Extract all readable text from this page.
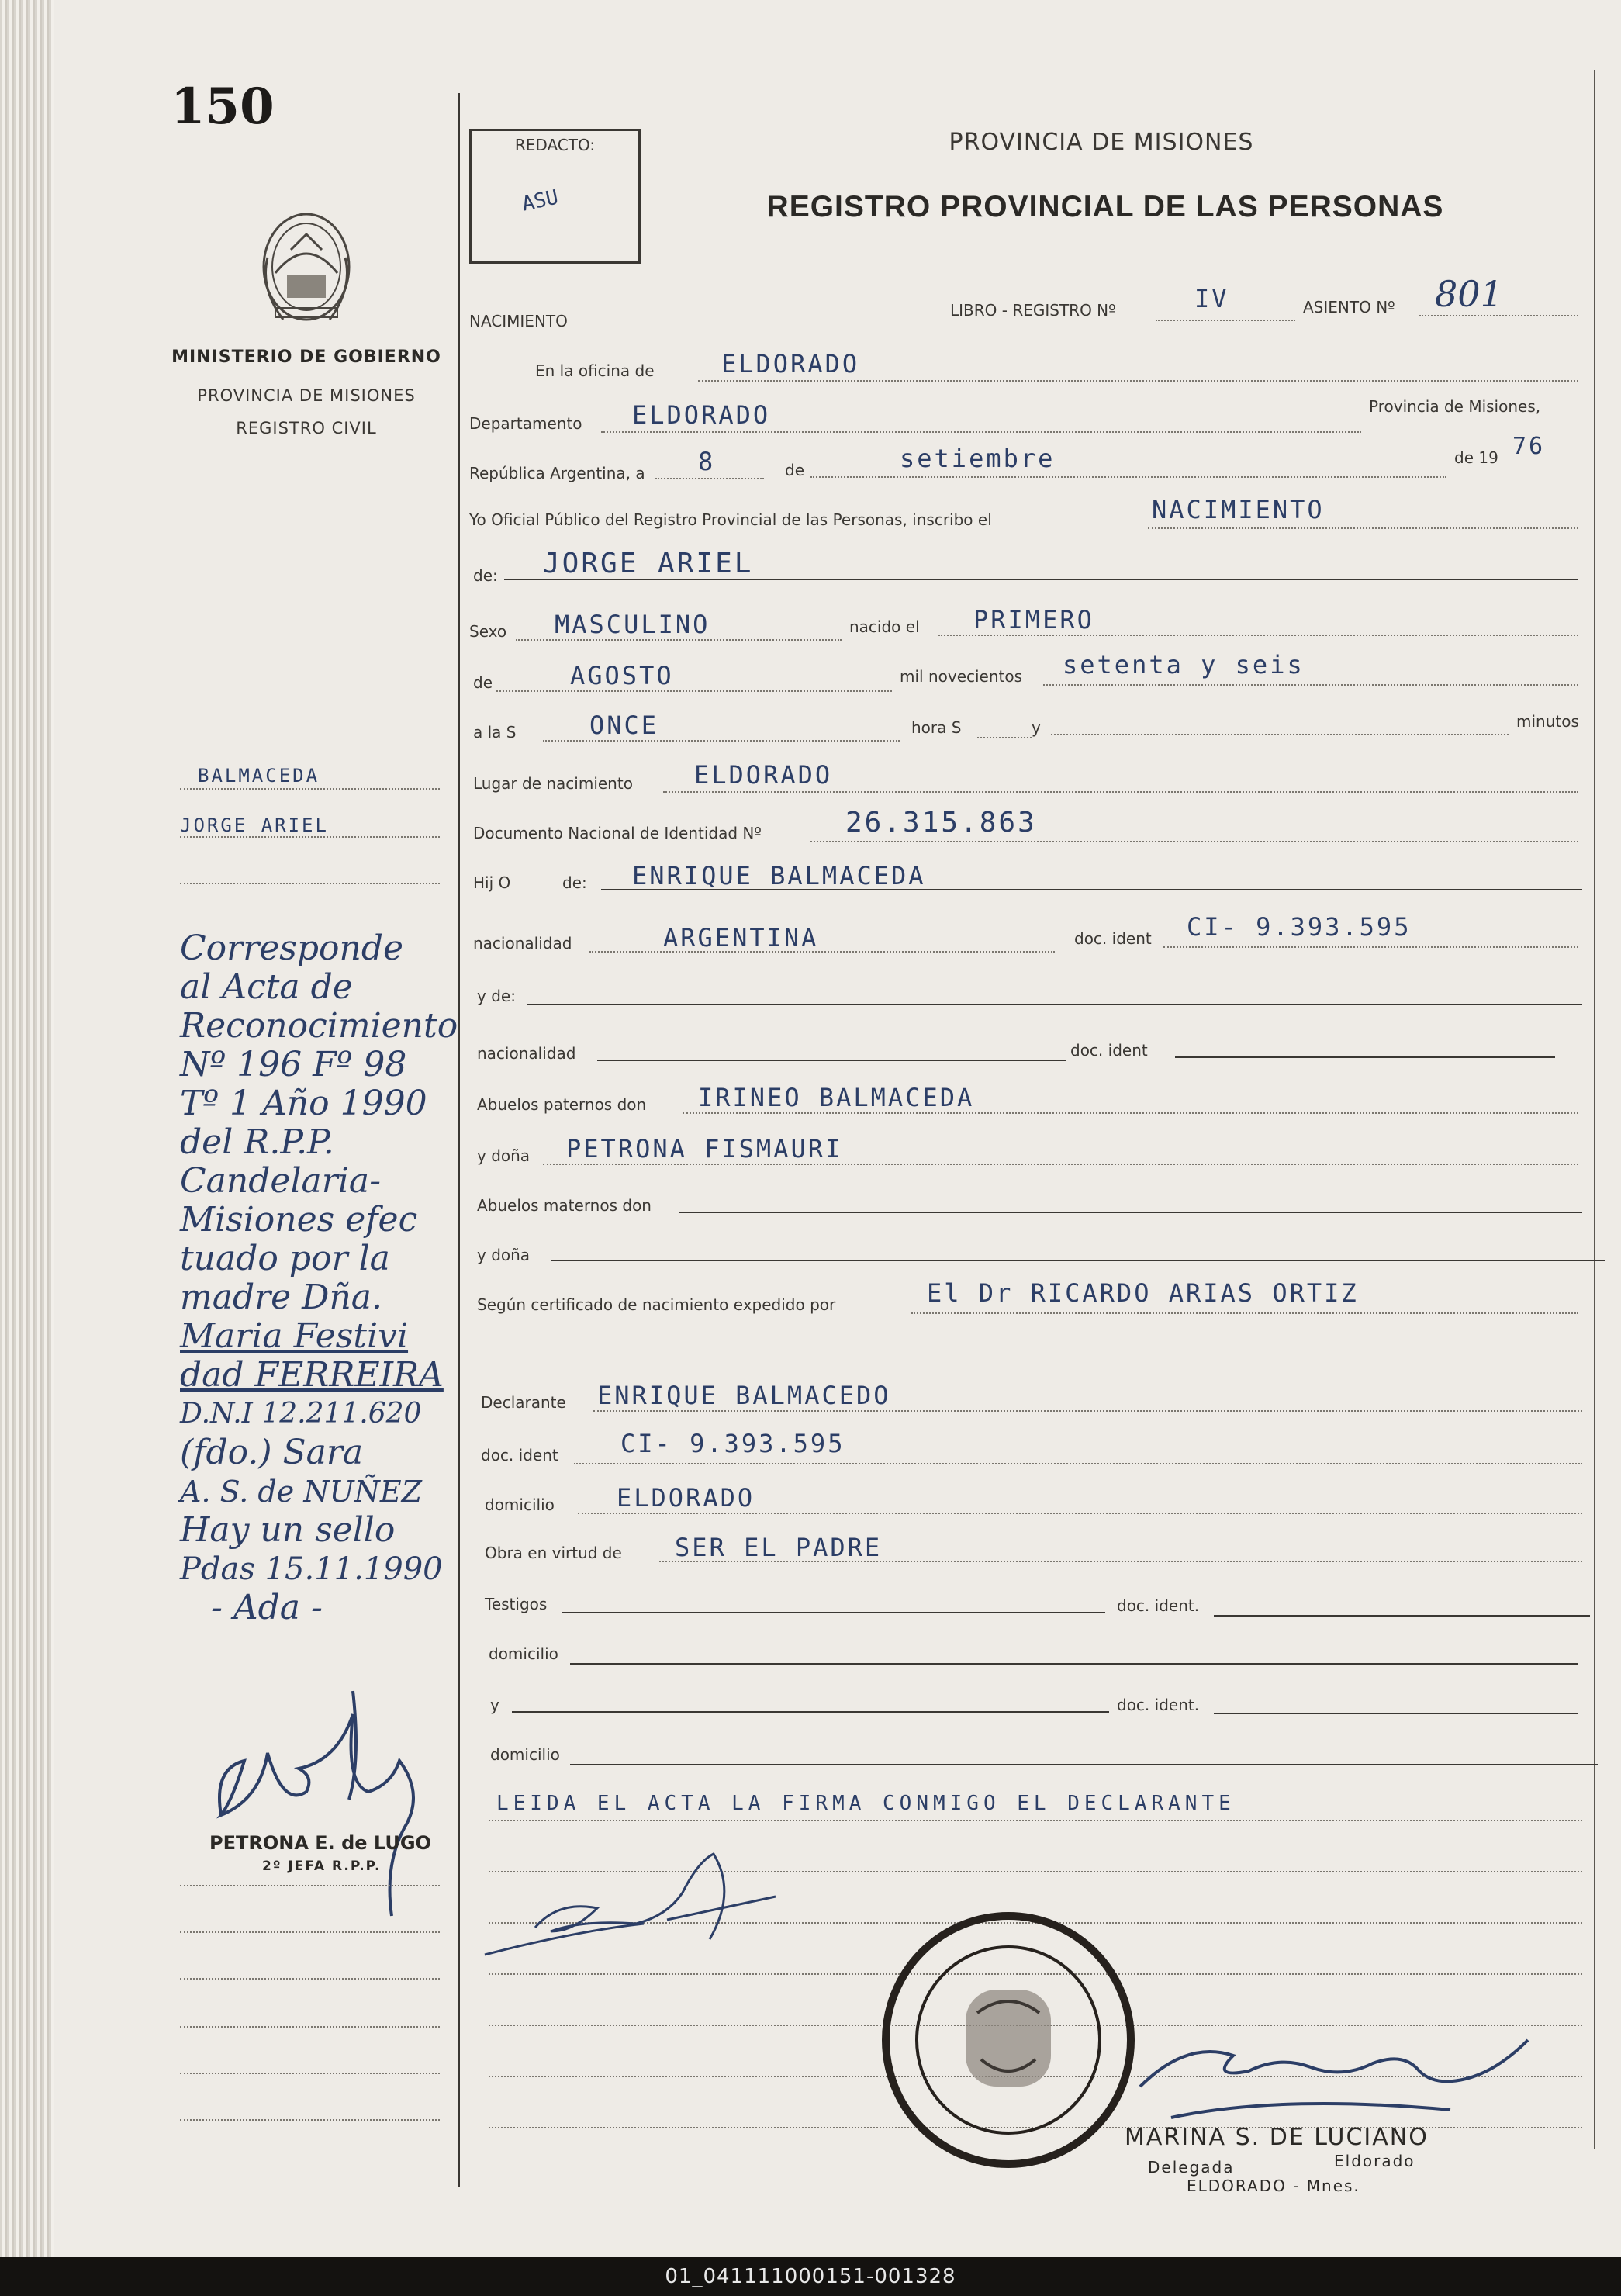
150
MINISTERIO DE GOBIERNO
PROVINCIA DE MISIONES
REGISTRO CIVIL
REDACTO:
ASU
PROVINCIA DE MISIONES
REGISTRO PROVINCIAL DE LAS PERSONAS
NACIMIENTO
LIBRO - REGISTRO Nº	IV	ASIENTO Nº 801
En la oficina de	ELDORADO
Departamento ELDORADO	Provincia de Misiones,
República Argentina, a 8	de	setiembre	de 19 76
Yo Oficial Público del Registro Provincial de las Personas, inscribo el	NACIMIENTO
de: JORGE ARIEL
Sexo MASCULINO	nacido el PRIMERO
de	AGOSTO	mil novecientos setenta y seis
a la S	ONCE	hora S	y	minutos
Lugar de nacimiento ELDORADO
Documento Nacional de Identidad Nº	26.315.863
Hij O	de: ENRIQUE BALMACEDA
nacionalidad	ARGENTINA	doc. ident CI- 9.393.595
y de:
nacionalidad	doc. ident
Abuelos paternos don IRINEO BALMACEDA
y doña PETRONA FISMAURI
Abuelos maternos don
y doña
Según certificado de nacimiento expedido por	El Dr RICARDO ARIAS ORTIZ
Declarante ENRIQUE BALMACEDO
doc. ident	CI- 9.393.595
domicilio	ELDORADO
Obra en virtud de SER EL PADRE
Testigos	doc. ident.
domicilio
y	doc. ident.
domicilio
LEIDA EL ACTA LA FIRMA CONMIGO EL DECLARANTE
BALMACEDA
JORGE ARIEL
Corresponde
al Acta de
Reconocimiento
Nº 196 Fº 98
Tº 1 Año 1990
del R.P.P.
Candelaria-
Misiones efec
tuado por la
madre Dña.
Maria Festivi
dad FERREIRA
D.N.I 12.211.620
(fdo.) Sara
A. S. de NUÑEZ
Hay un sello
Pdas 15.11.1990
- Ada -
PETRONA E. de LUGO
2º JEFA R.P.P.
MARINA S. DE LUCIANO
Delegada	Eldorado
ELDORADO - Mnes.
01_041111000151-001328
